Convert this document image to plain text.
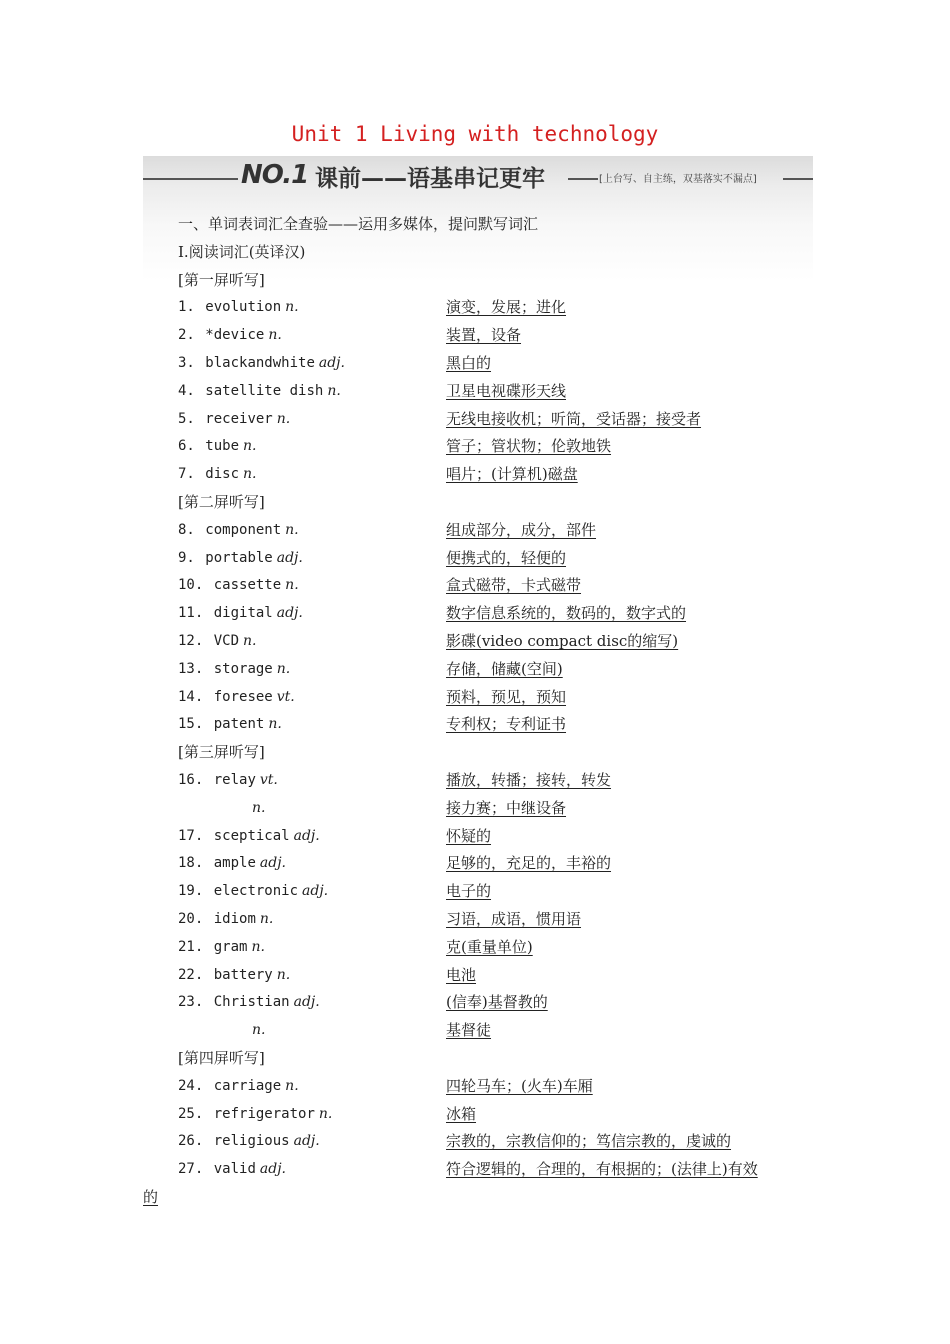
Unit 1 Living with technology
NO.1 课前——语基串记更牢	[上台写、自主练，双基落实不漏点]
一、单词表词汇全查验——运用多媒体，提问默写词汇
Ⅰ.阅读词汇(英译汉)
[第一屏听写]
1. evolution n.	演变，发展；进化
2. *device n.	装置，设备
3. blackandwhite adj.	黑白的
4. satellite dish n.	卫星电视碟形天线
5. receiver n.	无线电接收机；听筒，受话器；接受者
6. tube n.	管子；管状物；伦敦地铁
7. disc n.	唱片；(计算机)磁盘
[第二屏听写]
8. component n.	组成部分，成分，部件
9. portable adj.	便携式的，轻便的
10. cassette n.	盒式磁带，卡式磁带
11. digital adj.	数字信息系统的，数码的，数字式的
12. VCD n.	影碟(video compact disc的缩写)
13. storage n.	存储，储藏(空间)
14. foresee vt.	预料，预见，预知
15. patent n.	专利权；专利证书
[第三屏听写]
16. relay vt.	播放，转播；接转，转发
n.	接力赛；中继设备
17. sceptical adj.	怀疑的
18. ample adj.	足够的，充足的，丰裕的
19. electronic adj.	电子的
20. idiom n.	习语，成语，惯用语
21. gram n.	克(重量单位)
22. battery n.	电池
23. Christian adj.	(信奉)基督教的
n.	基督徒
[第四屏听写]
24. carriage n.	四轮马车；(火车)车厢
25. refrigerator n.	冰箱
26. religious adj.	宗教的，宗教信仰的；笃信宗教的，虔诚的
27. valid adj.	符合逻辑的，合理的，有根据的；(法律上)有效
的
